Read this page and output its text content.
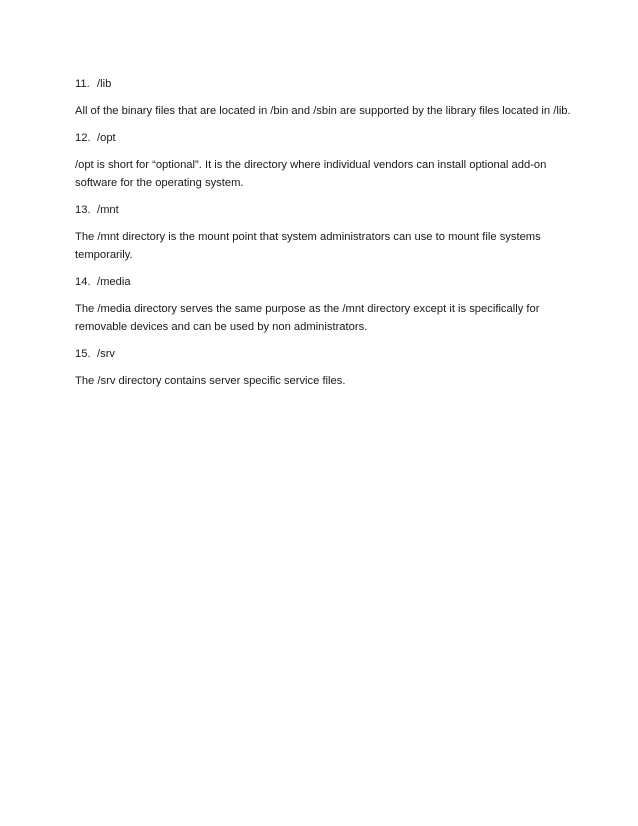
11. /lib
All of the binary files that are located in /bin and /sbin are supported by the library files located in /lib.
12. /opt
/opt is short for “optional”. It is the directory where individual vendors can install optional add-on software for the operating system.
13. /mnt
The /mnt directory is the mount point that system administrators can use to mount file systems temporarily.
14. /media
The /media directory serves the same purpose as the /mnt directory except it is specifically for removable devices and can be used by non administrators.
15. /srv
The /srv directory contains server specific service files.
